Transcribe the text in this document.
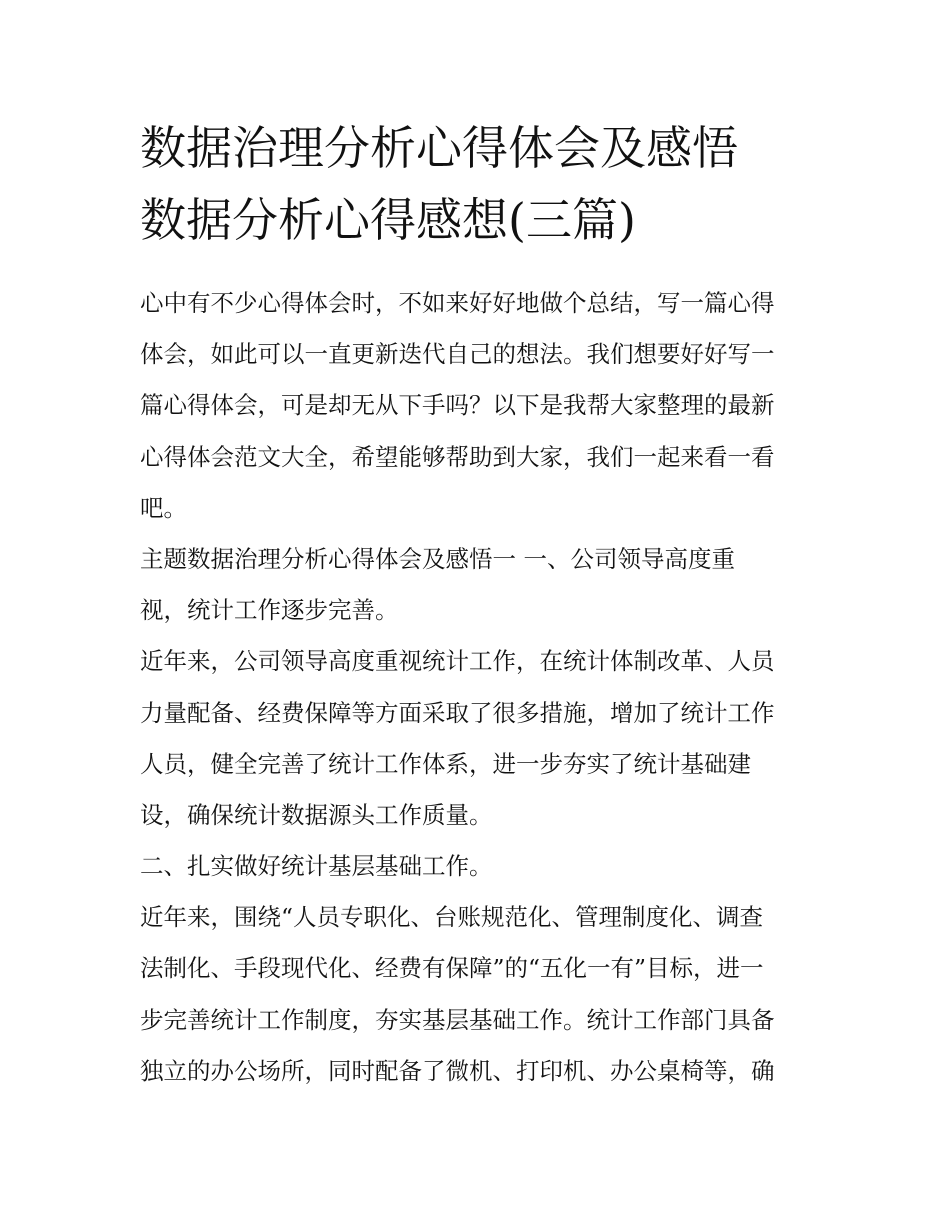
数据治理分析心得体会及感悟
数据分析心得感想(三篇)
心中有不少心得体会时，不如来好好地做个总结，写一篇心得
体会，如此可以一直更新迭代自己的想法。我们想要好好写一
篇心得体会，可是却无从下手吗？以下是我帮大家整理的最新
心得体会范文大全，希望能够帮助到大家，我们一起来看一看
吧。
主题数据治理分析心得体会及感悟一 一、公司领导高度重
视，统计工作逐步完善。
近年来，公司领导高度重视统计工作，在统计体制改革、人员
力量配备、经费保障等方面采取了很多措施，增加了统计工作
人员，健全完善了统计工作体系，进一步夯实了统计基础建
设，确保统计数据源头工作质量。
二、扎实做好统计基层基础工作。
近年来，围绕“人员专职化、台账规范化、管理制度化、调查
法制化、手段现代化、经费有保障”的“五化一有”目标，进一
步完善统计工作制度，夯实基层基础工作。统计工作部门具备
独立的办公场所，同时配备了微机、打印机、办公桌椅等，确
